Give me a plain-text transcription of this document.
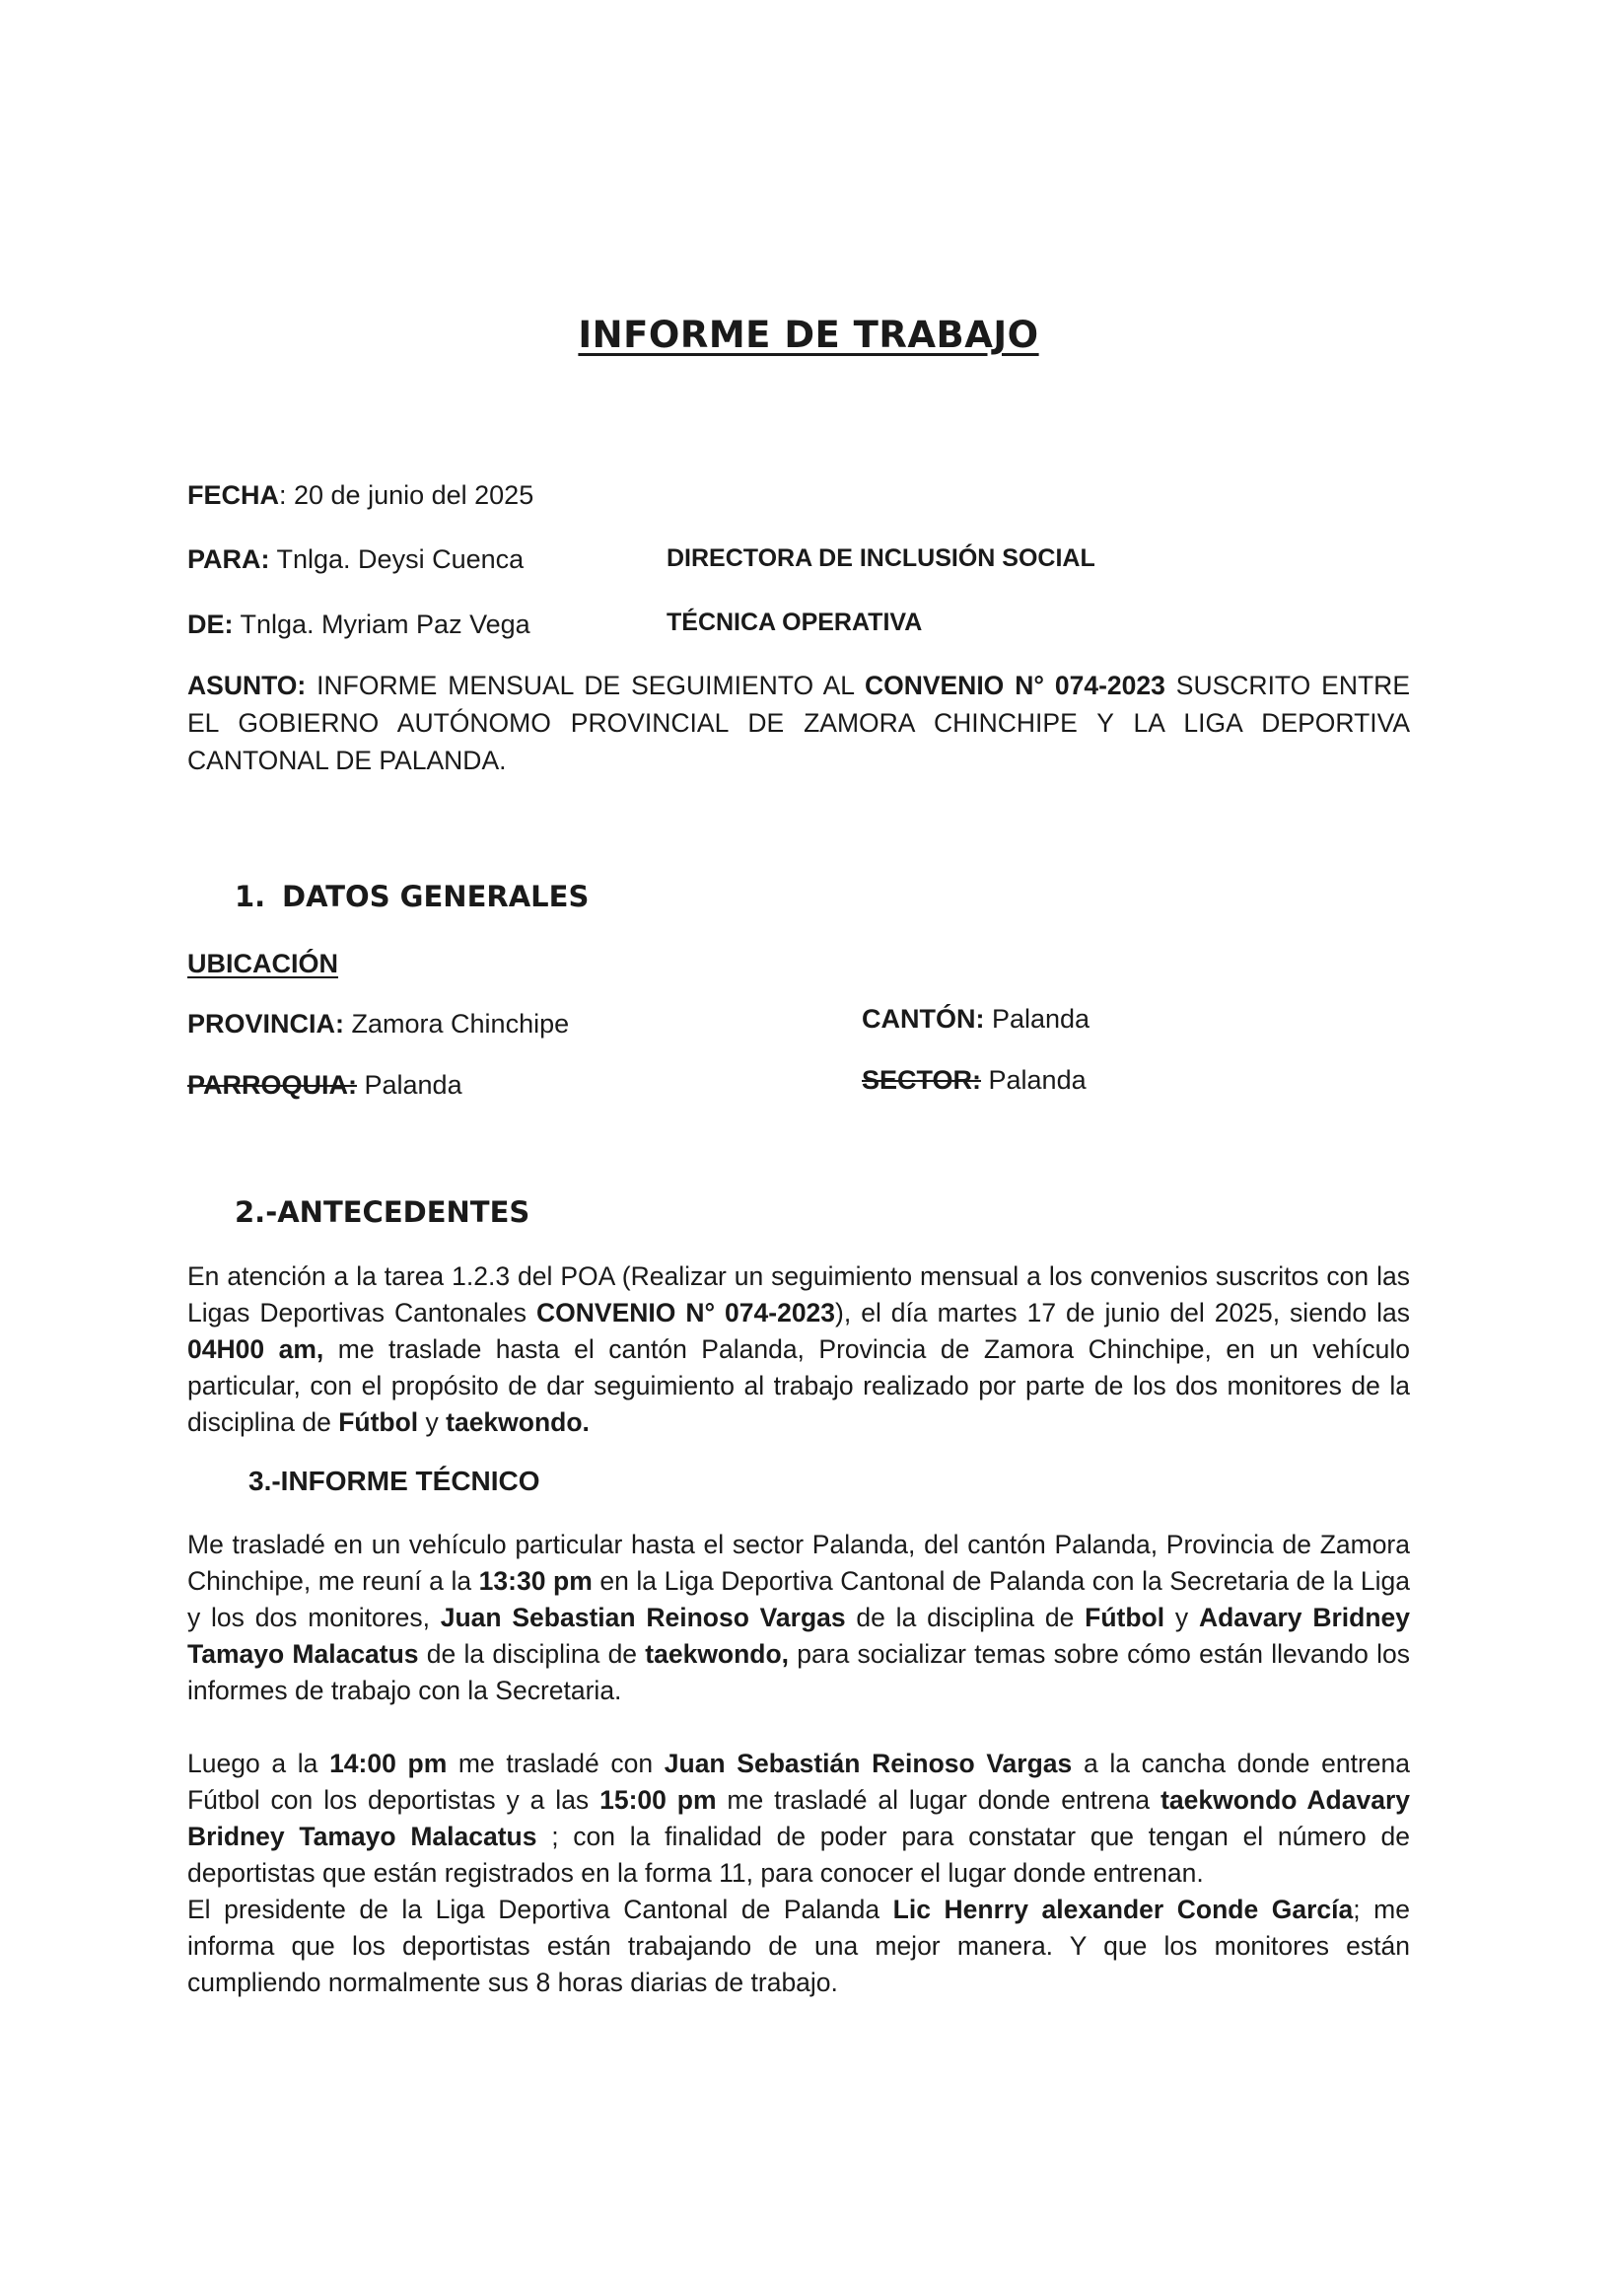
INFORME DE TRABAJO
FECHA: 20 de junio del 2025
PARA: Tnlga. Deysi Cuenca	DIRECTORA DE INCLUSIÓN SOCIAL
DE: Tnlga. Myriam Paz Vega	TÉCNICA OPERATIVA
ASUNTO: INFORME MENSUAL DE SEGUIMIENTO AL CONVENIO N° 074-2023 SUSCRITO ENTRE EL GOBIERNO AUTÓNOMO PROVINCIAL DE ZAMORA CHINCHIPE Y LA LIGA DEPORTIVA CANTONAL DE PALANDA.
1. DATOS GENERALES
UBICACIÓN
PROVINCIA: Zamora Chinchipe	CANTÓN: Palanda
PARROQUIA: Palanda	SECTOR: Palanda
2.-ANTECEDENTES
En atención a la tarea 1.2.3 del POA (Realizar un seguimiento mensual a los convenios suscritos con las Ligas Deportivas Cantonales CONVENIO N° 074-2023), el día martes 17 de junio del 2025, siendo las 04H00 am, me traslade hasta el cantón Palanda, Provincia de Zamora Chinchipe, en un vehículo particular, con el propósito de dar seguimiento al trabajo realizado por parte de los dos monitores de la disciplina de Fútbol y taekwondo.
3.-INFORME TÉCNICO
Me trasladé en un vehículo particular hasta el sector Palanda, del cantón Palanda, Provincia de Zamora Chinchipe, me reuní a la 13:30 pm en la Liga Deportiva Cantonal de Palanda con la Secretaria de la Liga y los dos monitores, Juan Sebastian Reinoso Vargas de la disciplina de Fútbol y Adavary Bridney Tamayo Malacatus de la disciplina de taekwondo, para socializar temas sobre cómo están llevando los informes de trabajo con la Secretaria.
Luego a la 14:00 pm me trasladé con Juan Sebastián Reinoso Vargas a la cancha donde entrena Fútbol con los deportistas y a las 15:00 pm me trasladé al lugar donde entrena taekwondo Adavary Bridney Tamayo Malacatus ; con la finalidad de poder para constatar que tengan el número de deportistas que están registrados en la forma 11, para conocer el lugar donde entrenan.
El presidente de la Liga Deportiva Cantonal de Palanda Lic Henrry alexander Conde García; me informa que los deportistas están trabajando de una mejor manera. Y que los monitores están cumpliendo normalmente sus 8 horas diarias de trabajo.
